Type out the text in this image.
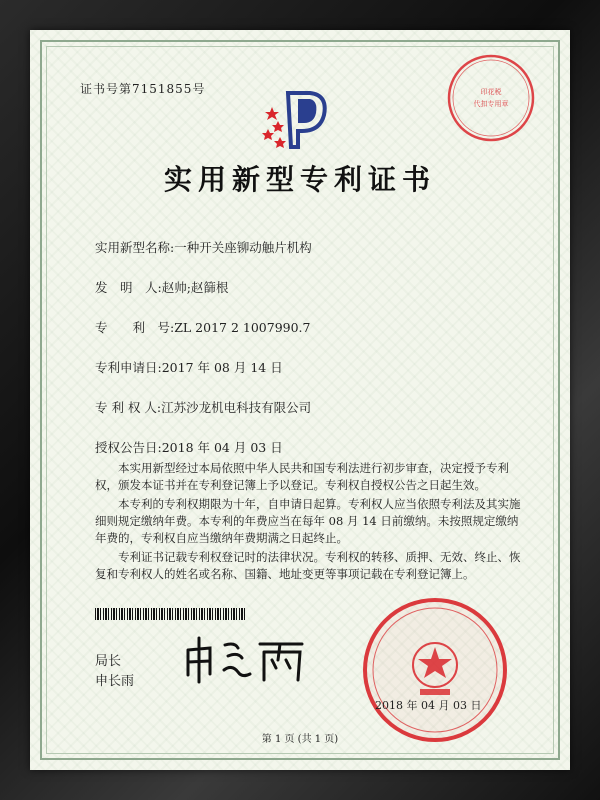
证书号第7151855号	印花税
代扣专用章
实用新型专利证书
实用新型名称:一种开关座铆动触片机构
发　明　人:赵帅;赵篩根
专　　利　号:ZL 2017 2 1007990.7
专利申请日:2017 年 08 月 14 日
专 利 权 人:江苏沙龙机电科技有限公司
授权公告日:2018 年 04 月 03 日
本实用新型经过本局依照中华人民共和国专利法进行初步审查，决定授予专利权，颁发本证书并在专利登记簿上予以登记。专利权自授权公告之日起生效。
本专利的专利权期限为十年，自申请日起算。专利权人应当依照专利法及其实施细则规定缴纳年费。本专利的年费应当在每年 08 月 14 日前缴纳。未按照规定缴纳年费的，专利权自应当缴纳年费期满之日起终止。
专利证书记载专利权登记时的法律状况。专利权的转移、质押、无效、终止、恢复和专利权人的姓名或名称、国籍、地址变更等事项记载在专利登记簿上。
局长
申长雨
2018 年 04 月 03 日
第 1 页 (共 1 页)
